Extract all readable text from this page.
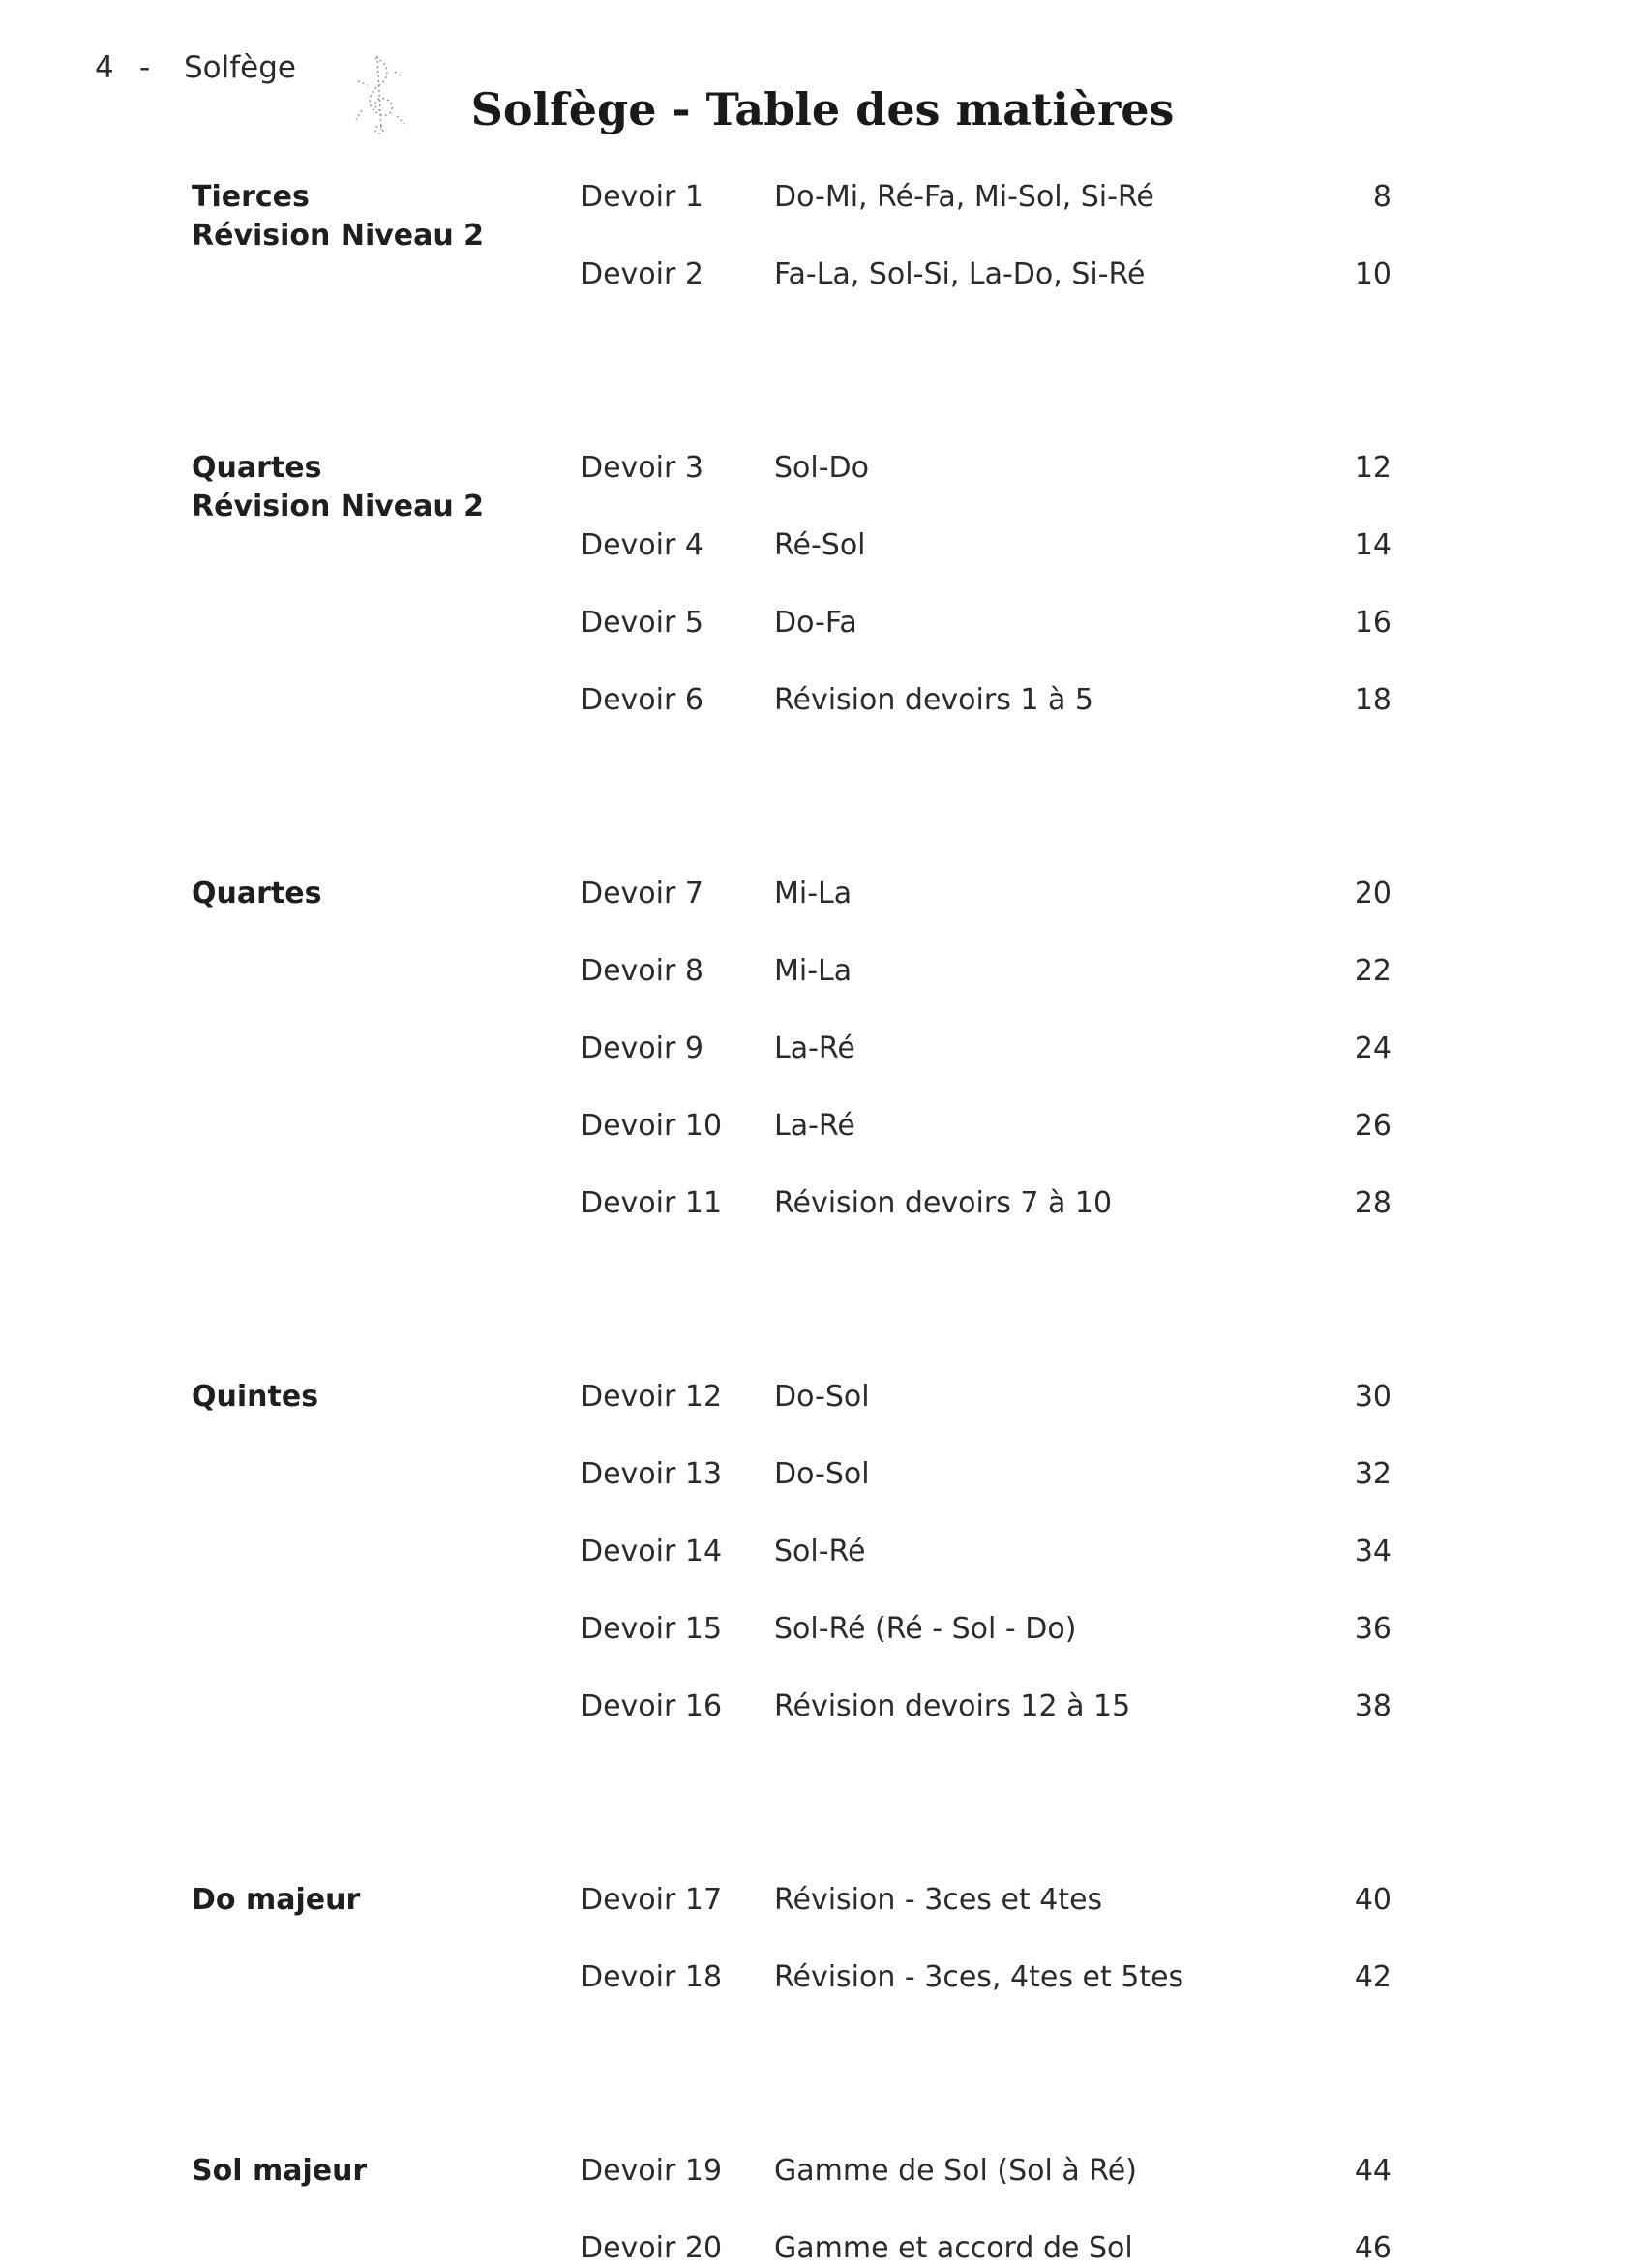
4 - Solfège
Solfège - Table des matières
Tierces
Révision Niveau 2
Devoir 1 Do-Mi, Ré-Fa, Mi-Sol, Si-Ré	8
Devoir 2 Fa-La, Sol-Si, La-Do, Si-Ré	10
Quartes
Révision Niveau 2
Devoir 3 Sol-Do	12
Devoir 4 Ré-Sol	14
Devoir 5 Do-Fa	16
Devoir 6 Révision devoirs 1 à 5	18
Quartes	Devoir 7 Mi-La	20
Devoir 8 Mi-La	22
Devoir 9 La-Ré	24
Devoir 10 La-Ré	26
Devoir 11 Révision devoirs 7 à 10	28
Quintes	Devoir 12 Do-Sol	30
Devoir 13 Do-Sol	32
Devoir 14 Sol-Ré	34
Devoir 15 Sol-Ré (Ré - Sol - Do)	36
Devoir 16 Révision devoirs 12 à 15	38
Do majeur	Devoir 17 Révision - 3ces et 4tes	40
Devoir 18 Révision - 3ces, 4tes et 5tes	42
Sol majeur	Devoir 19 Gamme de Sol (Sol à Ré)	44
Devoir 20 Gamme et accord de Sol	46
